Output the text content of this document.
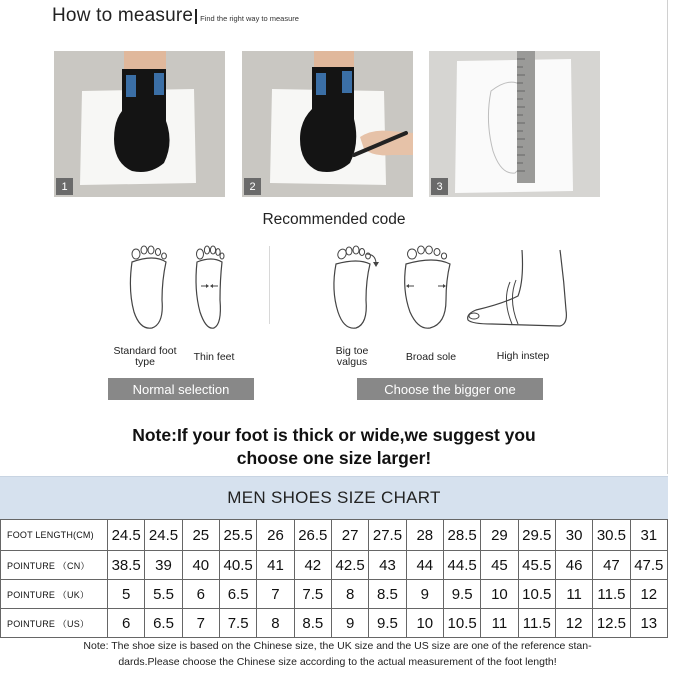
How to measure Find the right way to measure
1	2	3
Recommended code
Standard foot type	Thin feet	Big toe valgus	Broad sole	High instep
Normal selection	Choose the bigger one
Note:If your foot is thick or wide,we suggest you
choose one size larger!
MEN SHOES SIZE CHART
FOOT LENGTH(CM)	24.5	24.5	25	25.5	26	26.5	27	27.5	28	28.5	29	29.5	30	30.5	31
POINTURE （CN）	38.5	39	40	40.5	41	42	42.5	43	44	44.5	45	45.5	46	47	47.5
POINTURE （UK）	5	5.5	6	6.5	7	7.5	8	8.5	9	9.5	10	10.5	11	11.5	12
POINTURE （US）	6	6.5	7	7.5	8	8.5	9	9.5	10	10.5	11	11.5	12	12.5	13
Note: The shoe size is based on the Chinese size, the UK size and the US size are one of the reference stan-
dards.Please choose the Chinese size according to the actual measurement of the foot length!
